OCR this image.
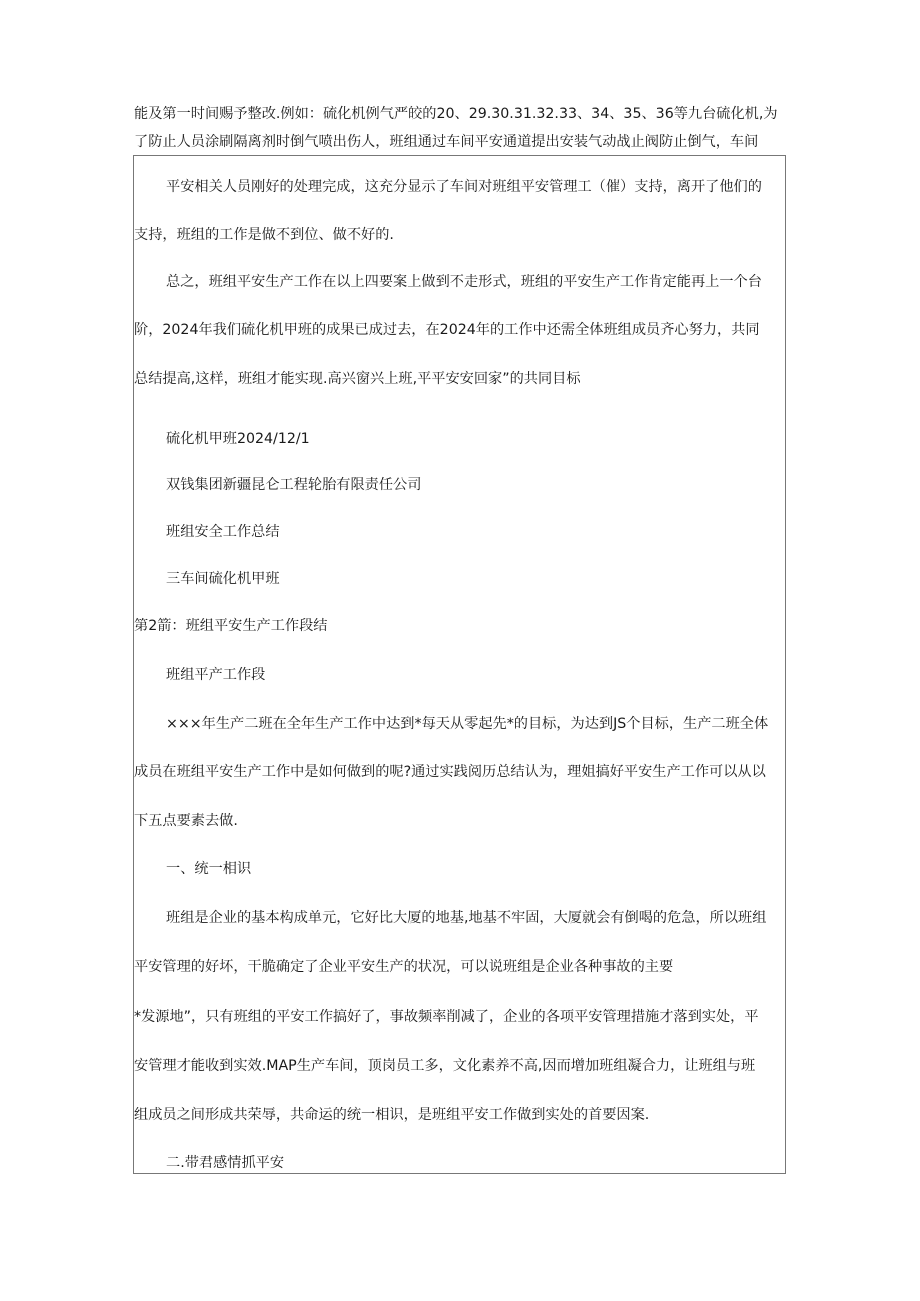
能及第一时间赐予整改.例如：硫化机例气严皎的20、29.30.31.32.33、34、35、36等九台硫化机,为
了防止人员涂刷隔离剂时倒气喷出伤人，班组通过车间平安通道提出安装气动战止阀防止倒气，车间

平安相关人员刚好的处理完成，这充分显示了车间对班组平安管理工（催）支持，离开了他们的

支持，班组的工作是做不到位、做不好的.

总之，班组平安生产工作在以上四要案上做到不走形式，班组的平安生产工作肯定能再上一个台

阶，2024年我们硫化机甲班的成果已成过去，在2024年的工作中还需全体班组成员齐心努力，共同

总结提高,这样，班组才能实现.高兴窗兴上班,平平安安回家”的共同目标

硫化机甲班2024/12/1

双钱集团新疆昆仑工程轮胎有限责任公司

班组安全工作总结

三车间硫化机甲班

第2箭：班组平安生产工作段结

班组平产工作段

×××年生产二班在全年生产工作中达到*每天从零起先*的目标，为达到JS个目标，生产二班全体

成员在班组平安生产工作中是如何做到的呢?通过实践阅历总结认为，理姐搞好平安生产工作可以从以

下五点要素去做.

一、统一相识

班组是企业的基本构成单元，它好比大厦的地基,地基不牢固，大厦就会有倒喝的危急，所以班组

平安管理的好坏，干脆确定了企业平安生产的状况，可以说班组是企业各种事故的主要

*发源地”，只有班组的平安工作搞好了，事故频率削减了，企业的各项平安管理措施才落到实处，平

安管理才能收到实效.MAP生产车间，顶岗员工多，文化素养不高,因而增加班组凝合力，让班组与班

组成员之间形成共荣辱，共命运的统一相识，是班组平安工作做到实处的首要因案.

二.带君感情抓平安
